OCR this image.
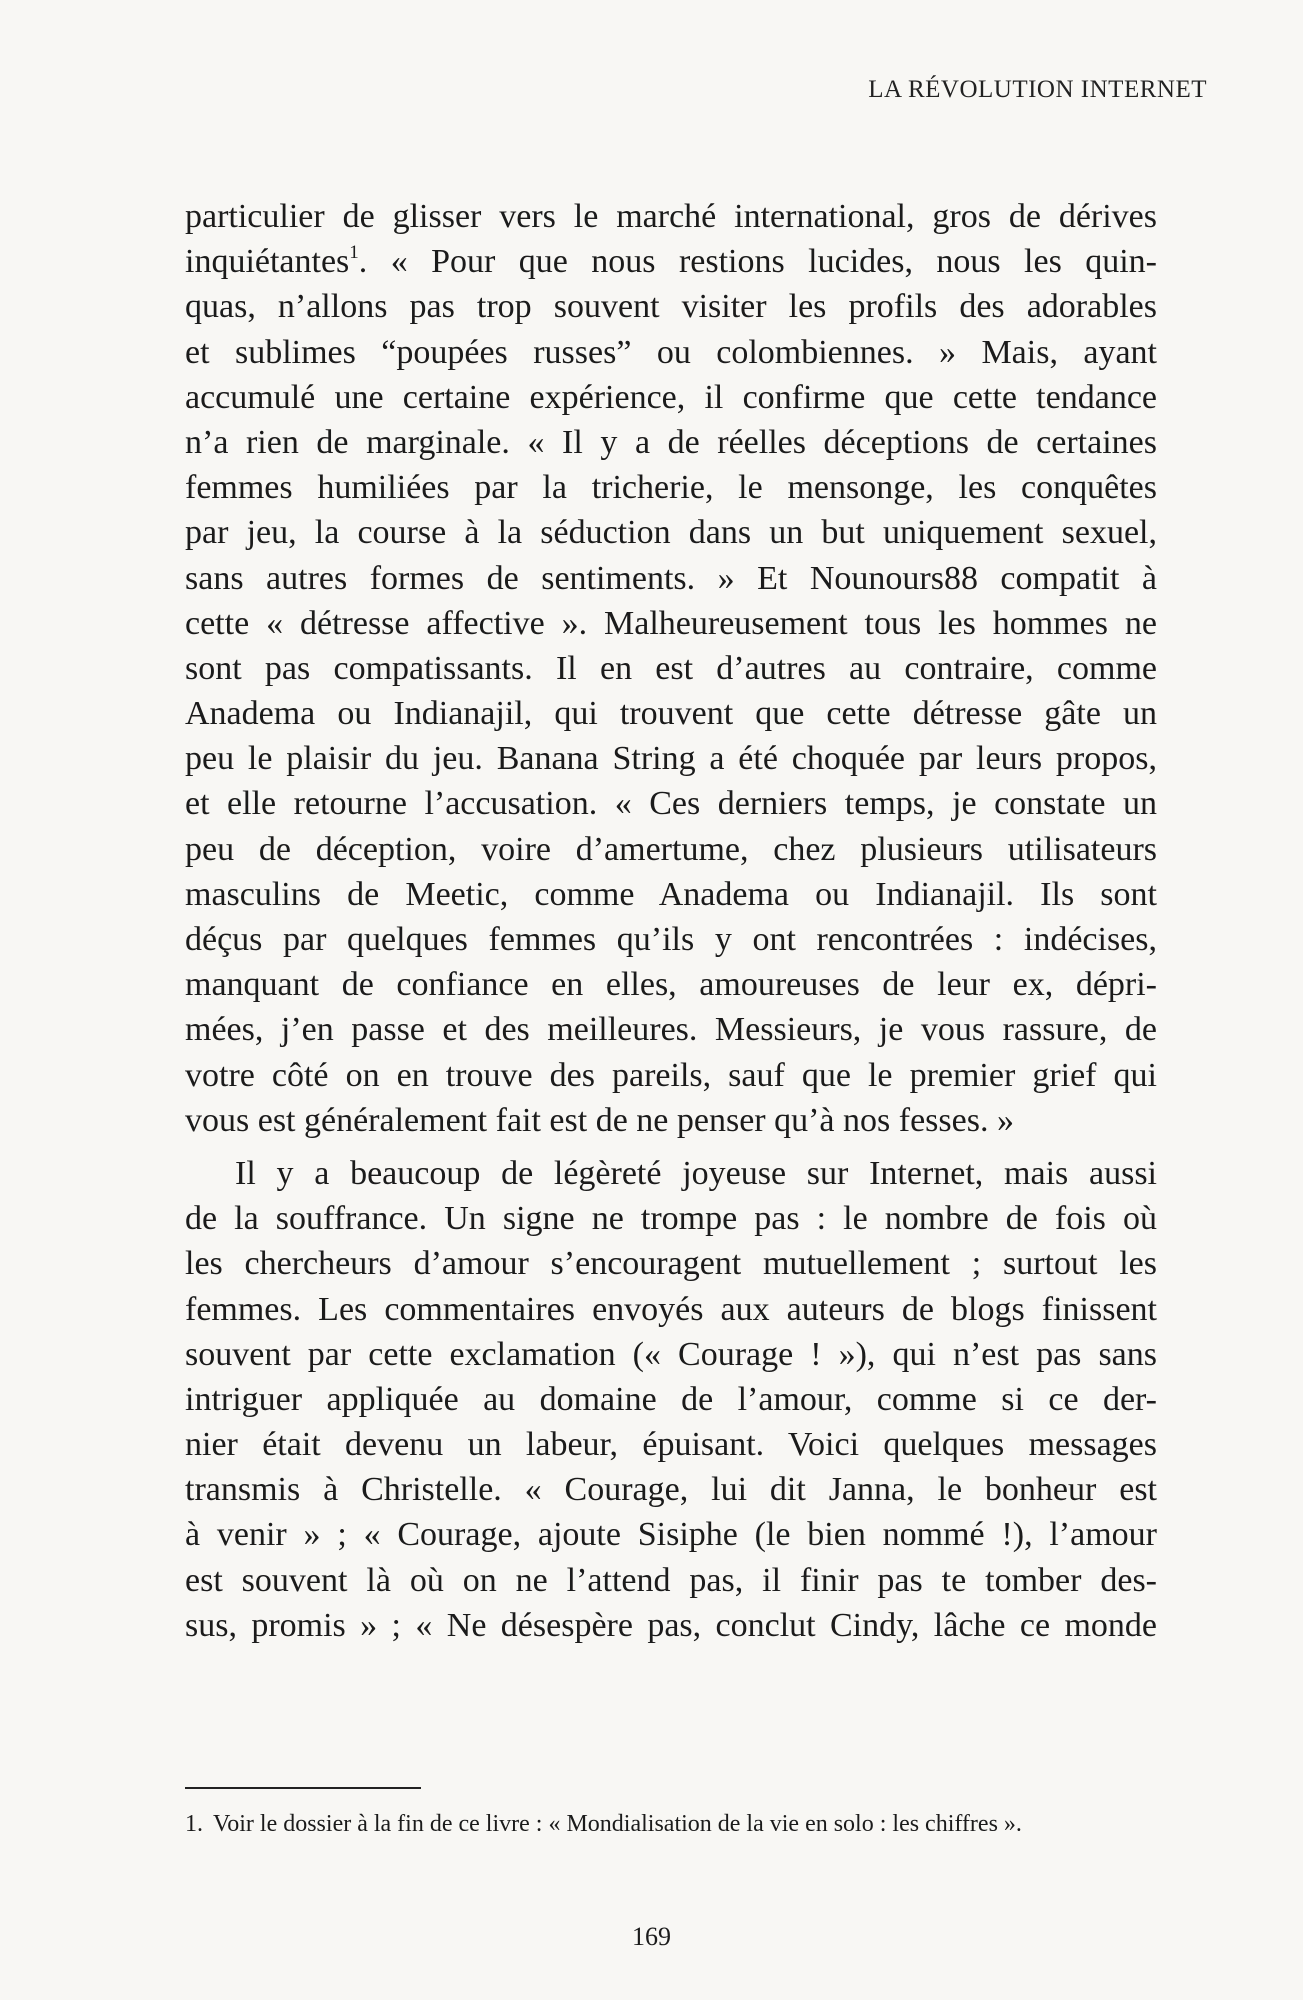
LA RÉVOLUTION INTERNET
particulier de glisser vers le marché international, gros de dérives
inquiétantes$^1$. « Pour que nous restions lucides, nous les quin-
quas, n’allons pas trop souvent visiter les profils des adorables
et sublimes “poupées russes” ou colombiennes. » Mais, ayant
accumulé une certaine expérience, il confirme que cette tendance
n’a rien de marginale. « Il y a de réelles déceptions de certaines
femmes humiliées par la tricherie, le mensonge, les conquêtes
par jeu, la course à la séduction dans un but uniquement sexuel,
sans autres formes de sentiments. » Et Nounours88 compatit à
cette « détresse affective ». Malheureusement tous les hommes ne
sont pas compatissants. Il en est d’autres au contraire, comme
Anadema ou Indianajil, qui trouvent que cette détresse gâte un
peu le plaisir du jeu. Banana String a été choquée par leurs propos,
et elle retourne l’accusation. « Ces derniers temps, je constate un
peu de déception, voire d’amertume, chez plusieurs utilisateurs
masculins de Meetic, comme Anadema ou Indianajil. Ils sont
déçus par quelques femmes qu’ils y ont rencontrées : indécises,
manquant de confiance en elles, amoureuses de leur ex, dépri-
mées, j’en passe et des meilleures. Messieurs, je vous rassure, de
votre côté on en trouve des pareils, sauf que le premier grief qui
vous est généralement fait est de ne penser qu’à nos fesses. »
Il y a beaucoup de légèreté joyeuse sur Internet, mais aussi
de la souffrance. Un signe ne trompe pas : le nombre de fois où
les chercheurs d’amour s’encouragent mutuellement ; surtout les
femmes. Les commentaires envoyés aux auteurs de blogs finissent
souvent par cette exclamation (« Courage ! »), qui n’est pas sans
intriguer appliquée au domaine de l’amour, comme si ce der-
nier était devenu un labeur, épuisant. Voici quelques messages
transmis à Christelle. « Courage, lui dit Janna, le bonheur est
à venir » ; « Courage, ajoute Sisiphe (le bien nommé !), l’amour
est souvent là où on ne l’attend pas, il finir pas te tomber des-
sus, promis » ; « Ne désespère pas, conclut Cindy, lâche ce monde
1. Voir le dossier à la fin de ce livre : « Mondialisation de la vie en solo : les chiffres ».
169
